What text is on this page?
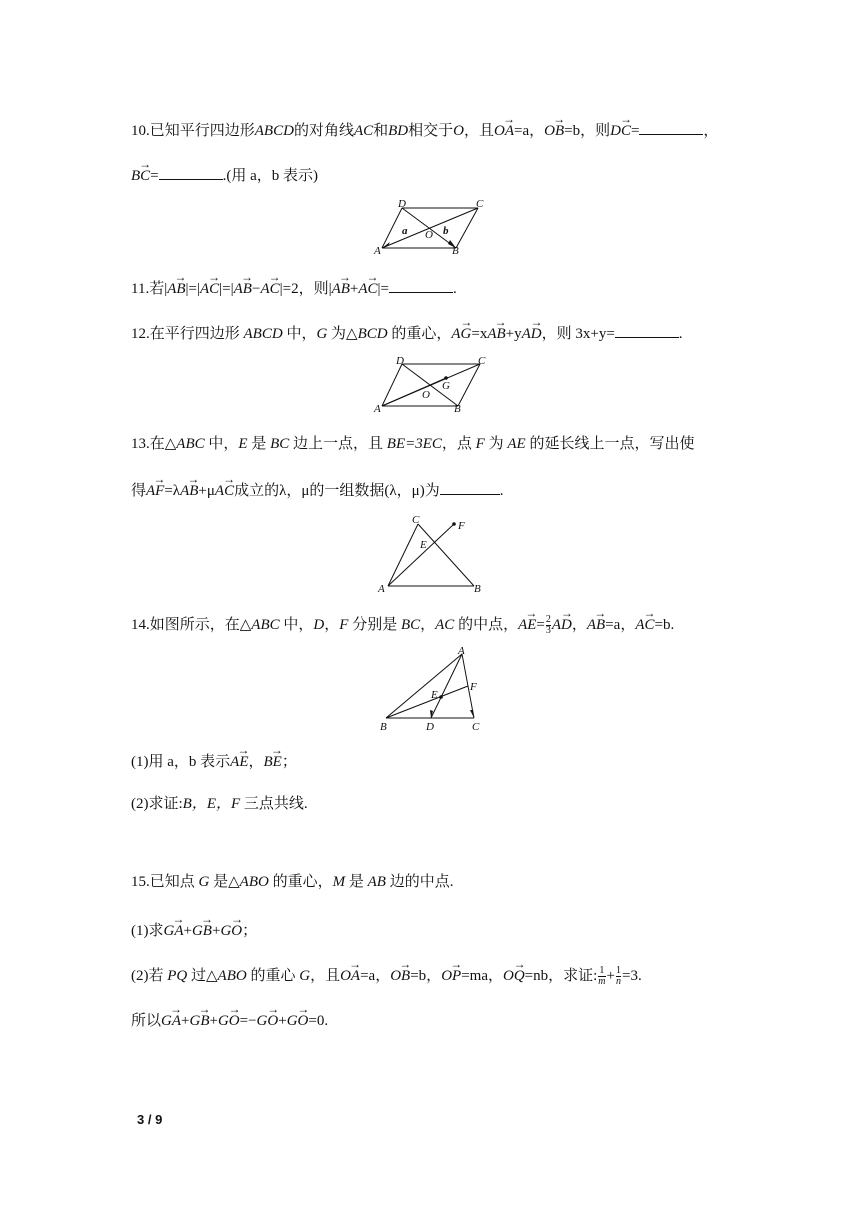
10.已知平行四边形ABCD的对角线AC和BD相交于O，且→ OA=a，→ OB=b，则→ DC=	，
→ BC=	.(用 a，b 表示)
D	C
A	B
O
a	b
11.若|→ AB|=|→ AC|=|→ AB−→ AC|=2，则|→ AB+→ AC|=	.
12.在平行四边形 ABCD 中，G 为△BCD 的重心，→ AG=x→ AB+y→ AD，则 3x+y=	.
D	C
A	B
O
G
13.在△ABC 中，E 是 BC 边上一点，且 BE=3EC，点 F 为 AE 的延长线上一点，写出使
得→ AF=λ→ AB+μ→ AC成立的λ，μ的一组数据(λ，μ)为	.
C	F
E
A	B
14.如图所示，在△ABC 中，D，F 分别是 BC，AC 的中点，→ $AE= \frac{2}{3}$
→ AD，→ AB=a，→ AC=b.
A
F
E
B	D	C
(1)用 a，b 表示→ AE，→ BE；
(2)求证:B，E，F 三点共线.
15.已知点 G 是△ABO 的重心，M 是 AB 边的中点.
(1)求→ GA+→ GB+→ GO；
(2)若 PQ 过△ABO 的重心 G，且→ OA=a，→ OB=b，→ OP=ma，→ OQ=nb，求证: $\frac{1}{m} + \frac{1}{n} =3$.
所以→ GA+→ GB+→ GO=−→ GO+→ GO=0.
3 / 9
